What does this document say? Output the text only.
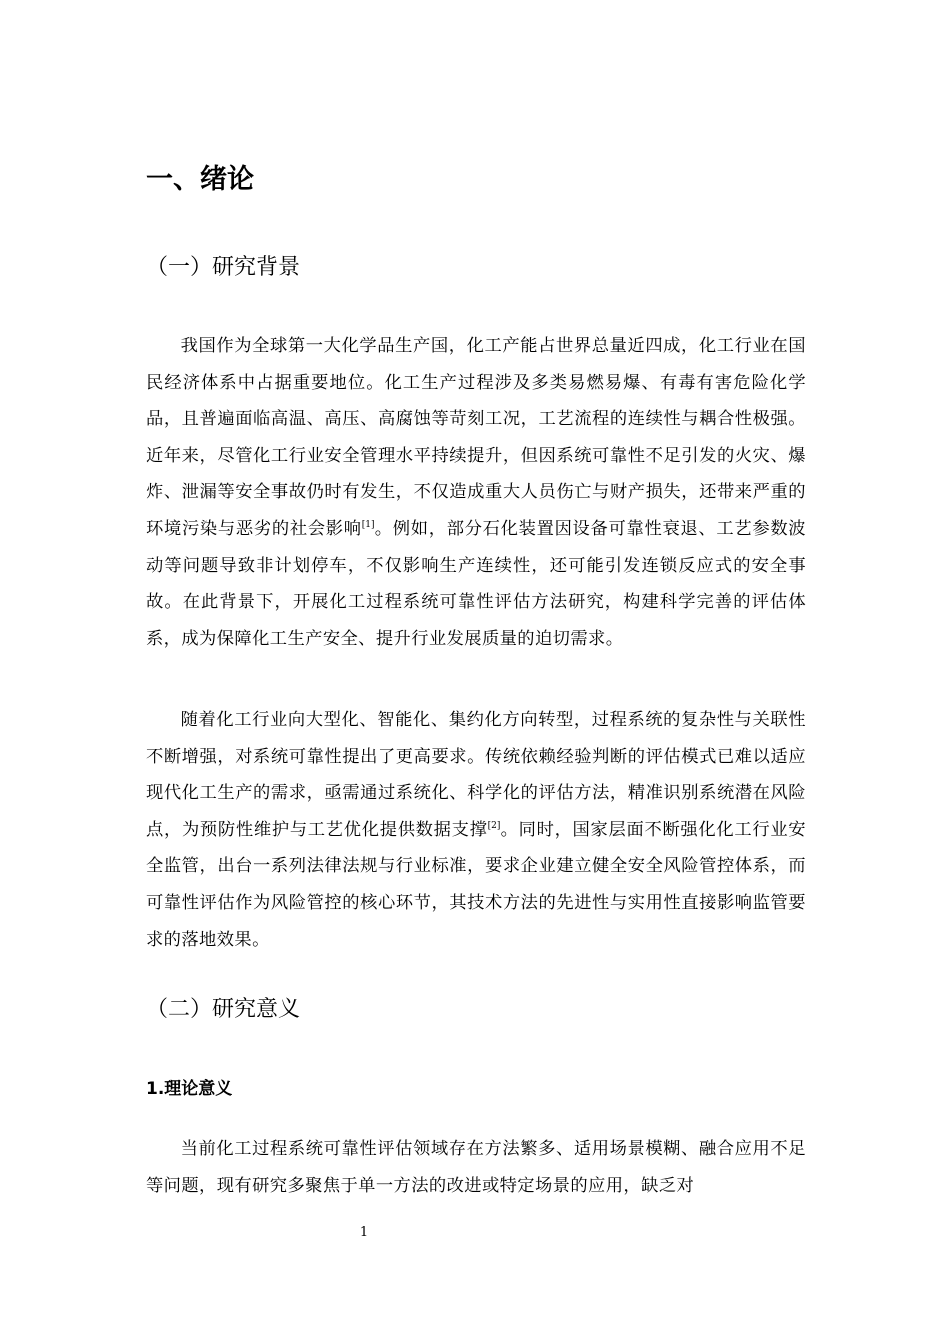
一、绪论
（一）研究背景

我国作为全球第一大化学品生产国，化工产能占世界总量近四成，化工行业在国民经济体系中占据重要地位。化工生产过程涉及多类易燃易爆、有毒有害危险化学品，且普遍面临高温、高压、高腐蚀等苛刻工况，工艺流程的连续性与耦合性极强。近年来，尽管化工行业安全管理水平持续提升，但因系统可靠性不足引发的火灾、爆炸、泄漏等安全事故仍时有发生，不仅造成重大人员伤亡与财产损失，还带来严重的环境污染与恶劣的社会影响[1]。例如，部分石化装置因设备可靠性衰退、工艺参数波动等问题导致非计划停车，不仅影响生产连续性，还可能引发连锁反应式的安全事故。在此背景下，开展化工过程系统可靠性评估方法研究，构建科学完善的评估体系，成为保障化工生产安全、提升行业发展质量的迫切需求。

随着化工行业向大型化、智能化、集约化方向转型，过程系统的复杂性与关联性不断增强，对系统可靠性提出了更高要求。传统依赖经验判断的评估模式已难以适应现代化工生产的需求，亟需通过系统化、科学化的评估方法，精准识别系统潜在风险点，为预防性维护与工艺优化提供数据支撑[2]。同时，国家层面不断强化化工行业安全监管，出台一系列法律法规与行业标准，要求企业建立健全安全风险管控体系，而可靠性评估作为风险管控的核心环节，其技术方法的先进性与实用性直接影响监管要求的落地效果。

（二）研究意义
1.理论意义

当前化工过程系统可靠性评估领域存在方法繁多、适用场景模糊、融合应用不足等问题，现有研究多聚焦于单一方法的改进或特定场景的应用，缺乏对

1
